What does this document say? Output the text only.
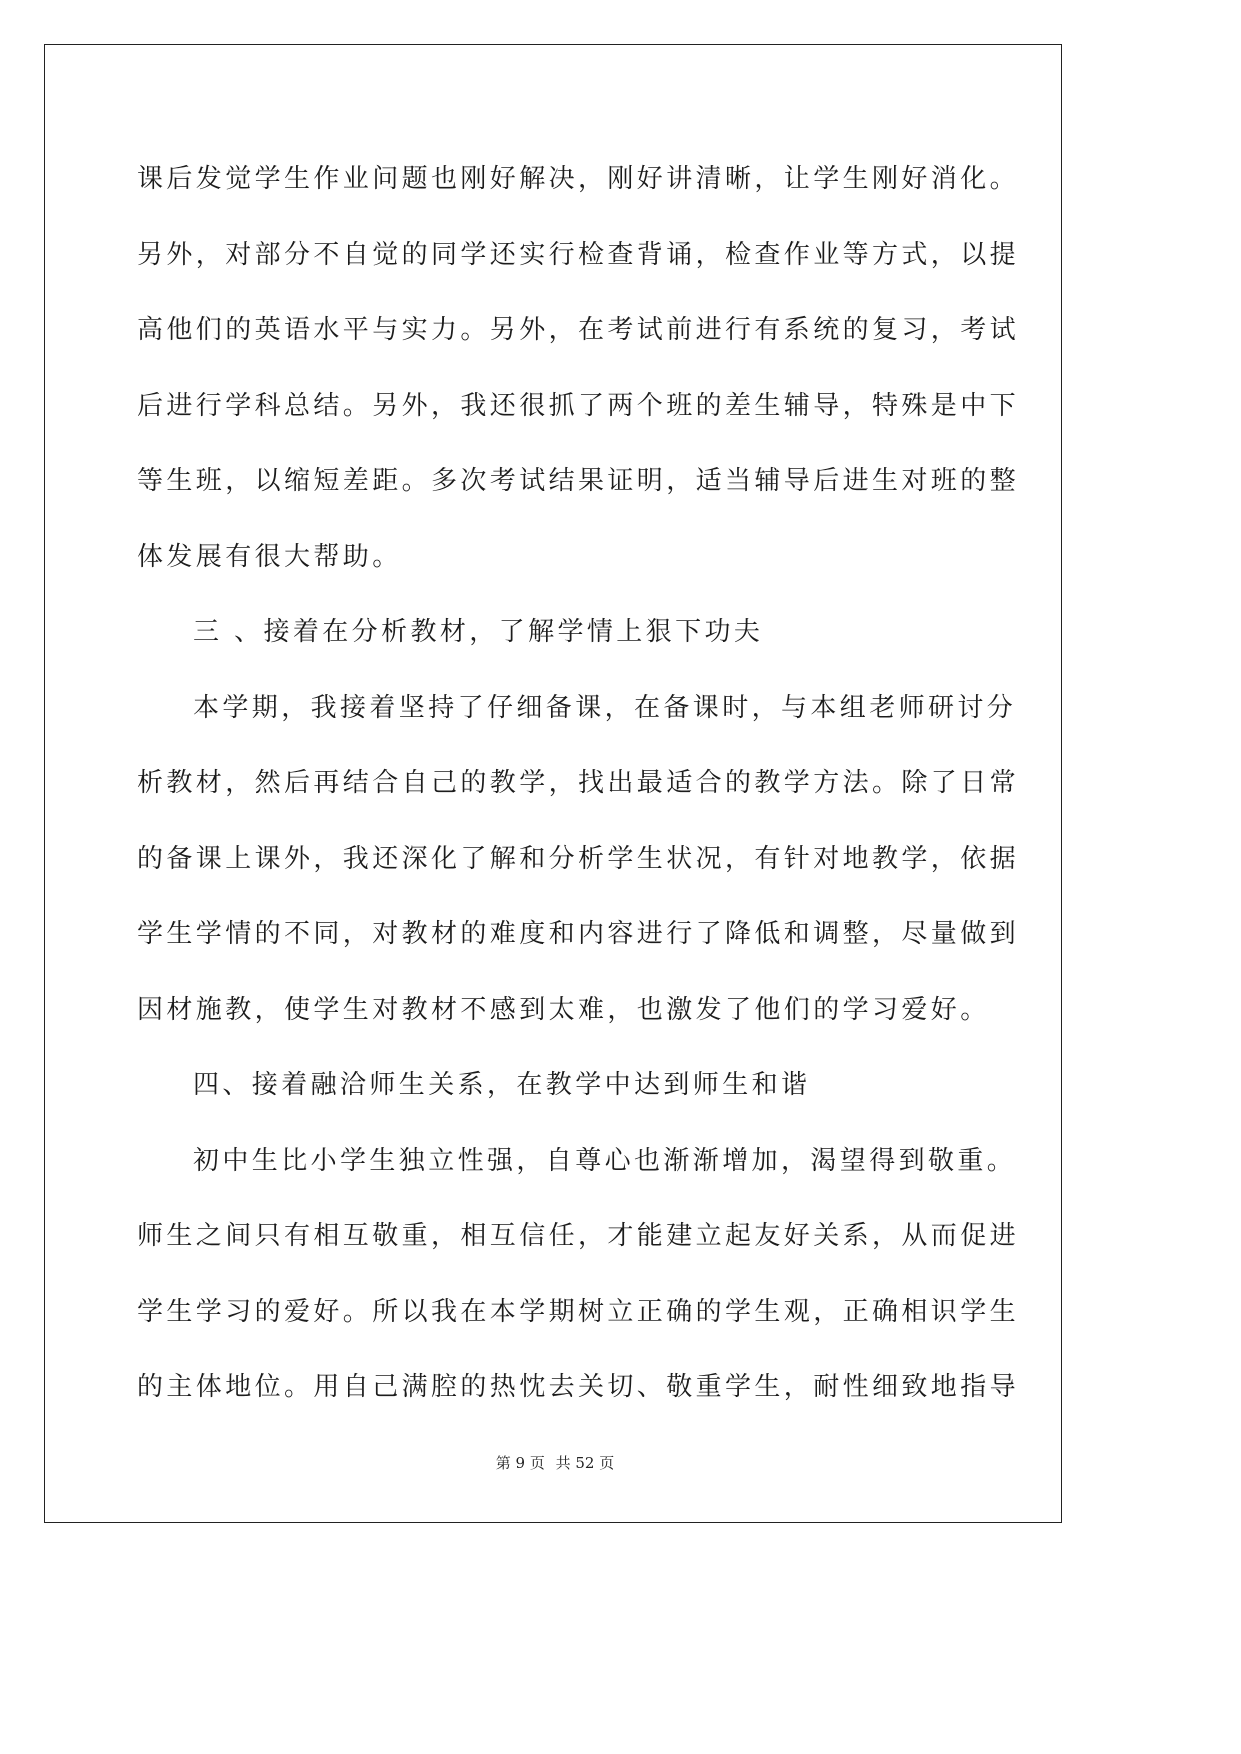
课后发觉学生作业问题也刚好解决，刚好讲清晰，让学生刚好消化。
另外，对部分不自觉的同学还实行检查背诵，检查作业等方式，以提
高他们的英语水平与实力。另外，在考试前进行有系统的复习，考试
后进行学科总结。另外，我还很抓了两个班的差生辅导，特殊是中下
等生班，以缩短差距。多次考试结果证明，适当辅导后进生对班的整
体发展有很大帮助。
三 、接着在分析教材，了解学情上狠下功夫
本学期，我接着坚持了仔细备课，在备课时，与本组老师研讨分
析教材，然后再结合自己的教学，找出最适合的教学方法。除了日常
的备课上课外，我还深化了解和分析学生状况，有针对地教学，依据
学生学情的不同，对教材的难度和内容进行了降低和调整，尽量做到
因材施教，使学生对教材不感到太难，也激发了他们的学习爱好。
四、接着融洽师生关系，在教学中达到师生和谐
初中生比小学生独立性强，自尊心也渐渐增加，渴望得到敬重。
师生之间只有相互敬重，相互信任，才能建立起友好关系，从而促进
学生学习的爱好。所以我在本学期树立正确的学生观，正确相识学生
的主体地位。用自己满腔的热忱去关切、敬重学生，耐性细致地指导
第 9 页 共 52 页
